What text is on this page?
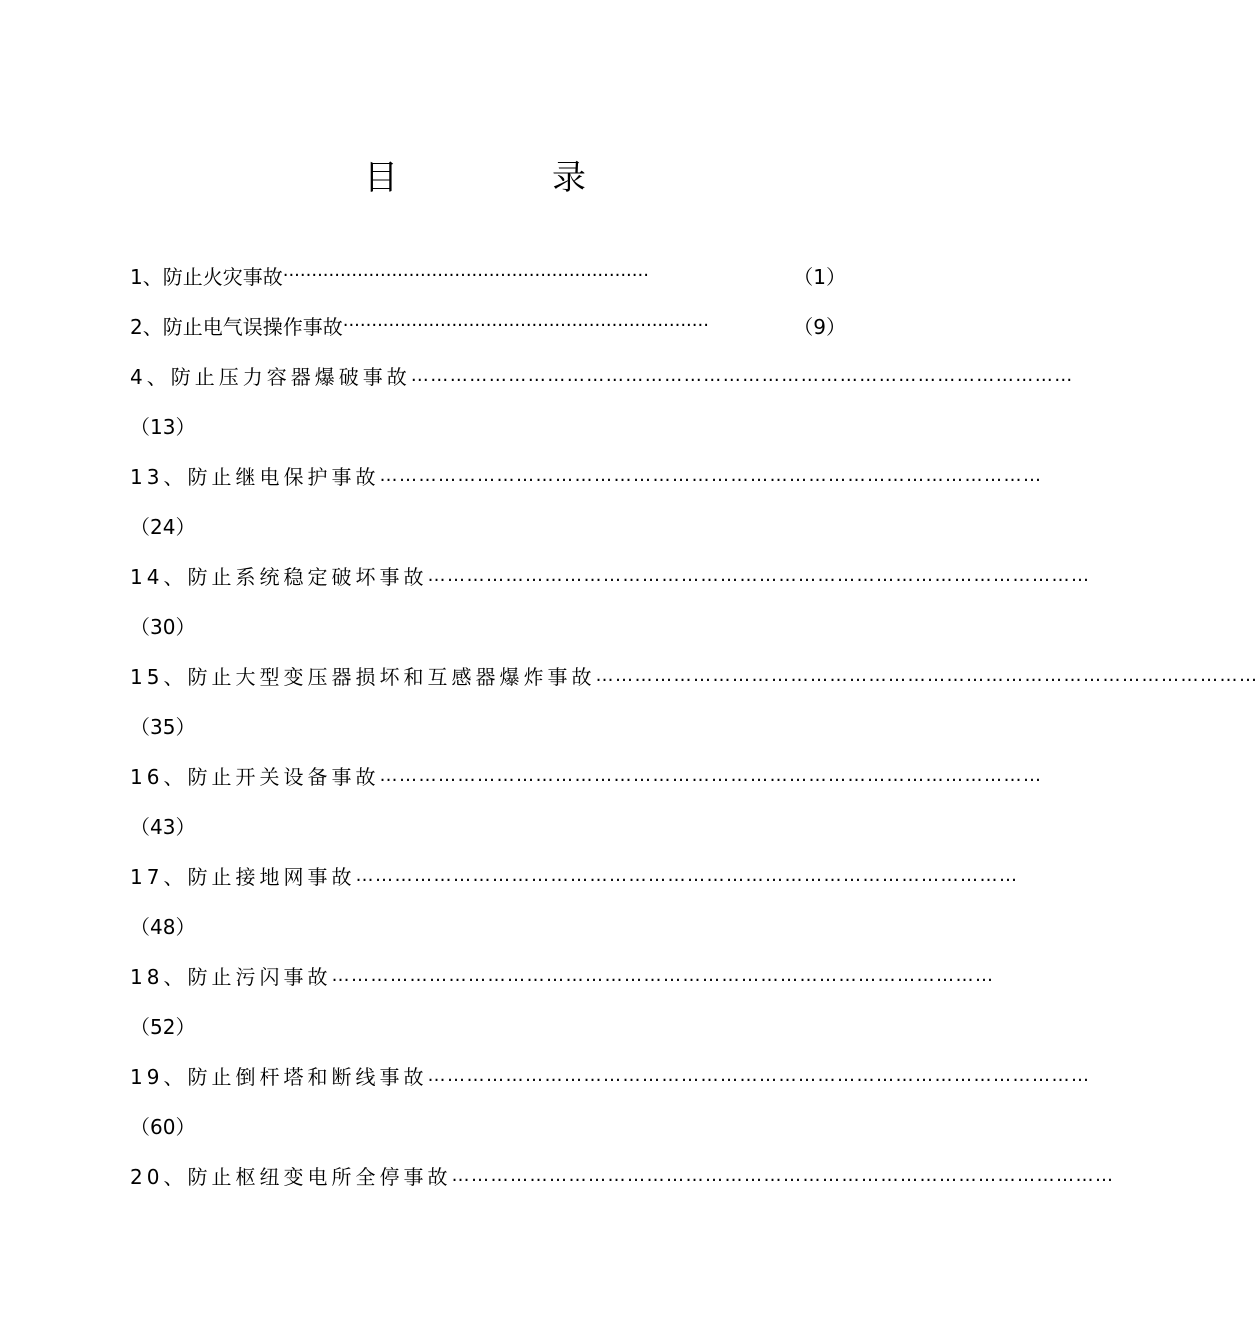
目　录
1、防止火灾事故 ································································	（1）
2、防止电气误操作事故 ································································	（9）
4、防止压力容器爆破事故 …………………………………………………………………………………………
（13）
13、防止继电保护事故 …………………………………………………………………………………………
（24）
14、防止系统稳定破坏事故 …………………………………………………………………………………………
（30）
15、防止大型变压器损坏和互感器爆炸事故 …………………………………………………………………………………………
（35）
16、防止开关设备事故 …………………………………………………………………………………………
（43）
17、防止接地网事故 …………………………………………………………………………………………
（48）
18、防止污闪事故 …………………………………………………………………………………………
（52）
19、防止倒杆塔和断线事故 …………………………………………………………………………………………
（60）
20、防止枢纽变电所全停事故 …………………………………………………………………………………………
